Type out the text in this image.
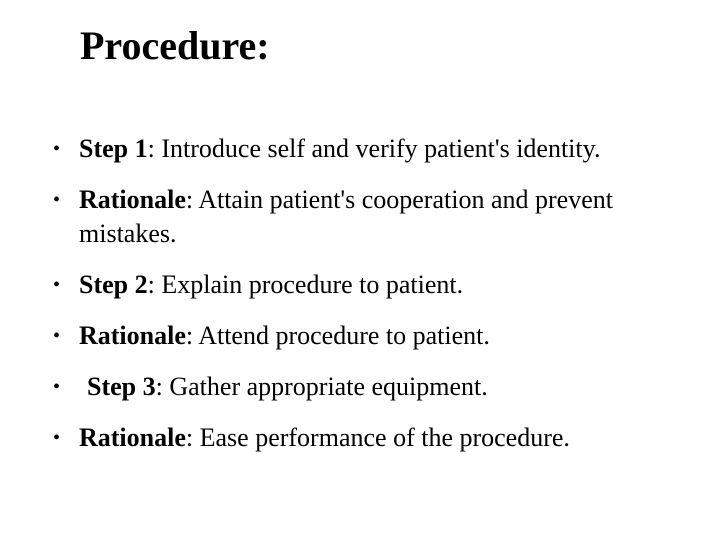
Procedure:
• Step 1: Introduce self and verify patient's identity.
• Rationale: Attain patient's cooperation and prevent mistakes.
• Step 2: Explain procedure to patient.
• Rationale: Attend procedure to patient.
• Step 3: Gather appropriate equipment.
• Rationale: Ease performance of the procedure.
